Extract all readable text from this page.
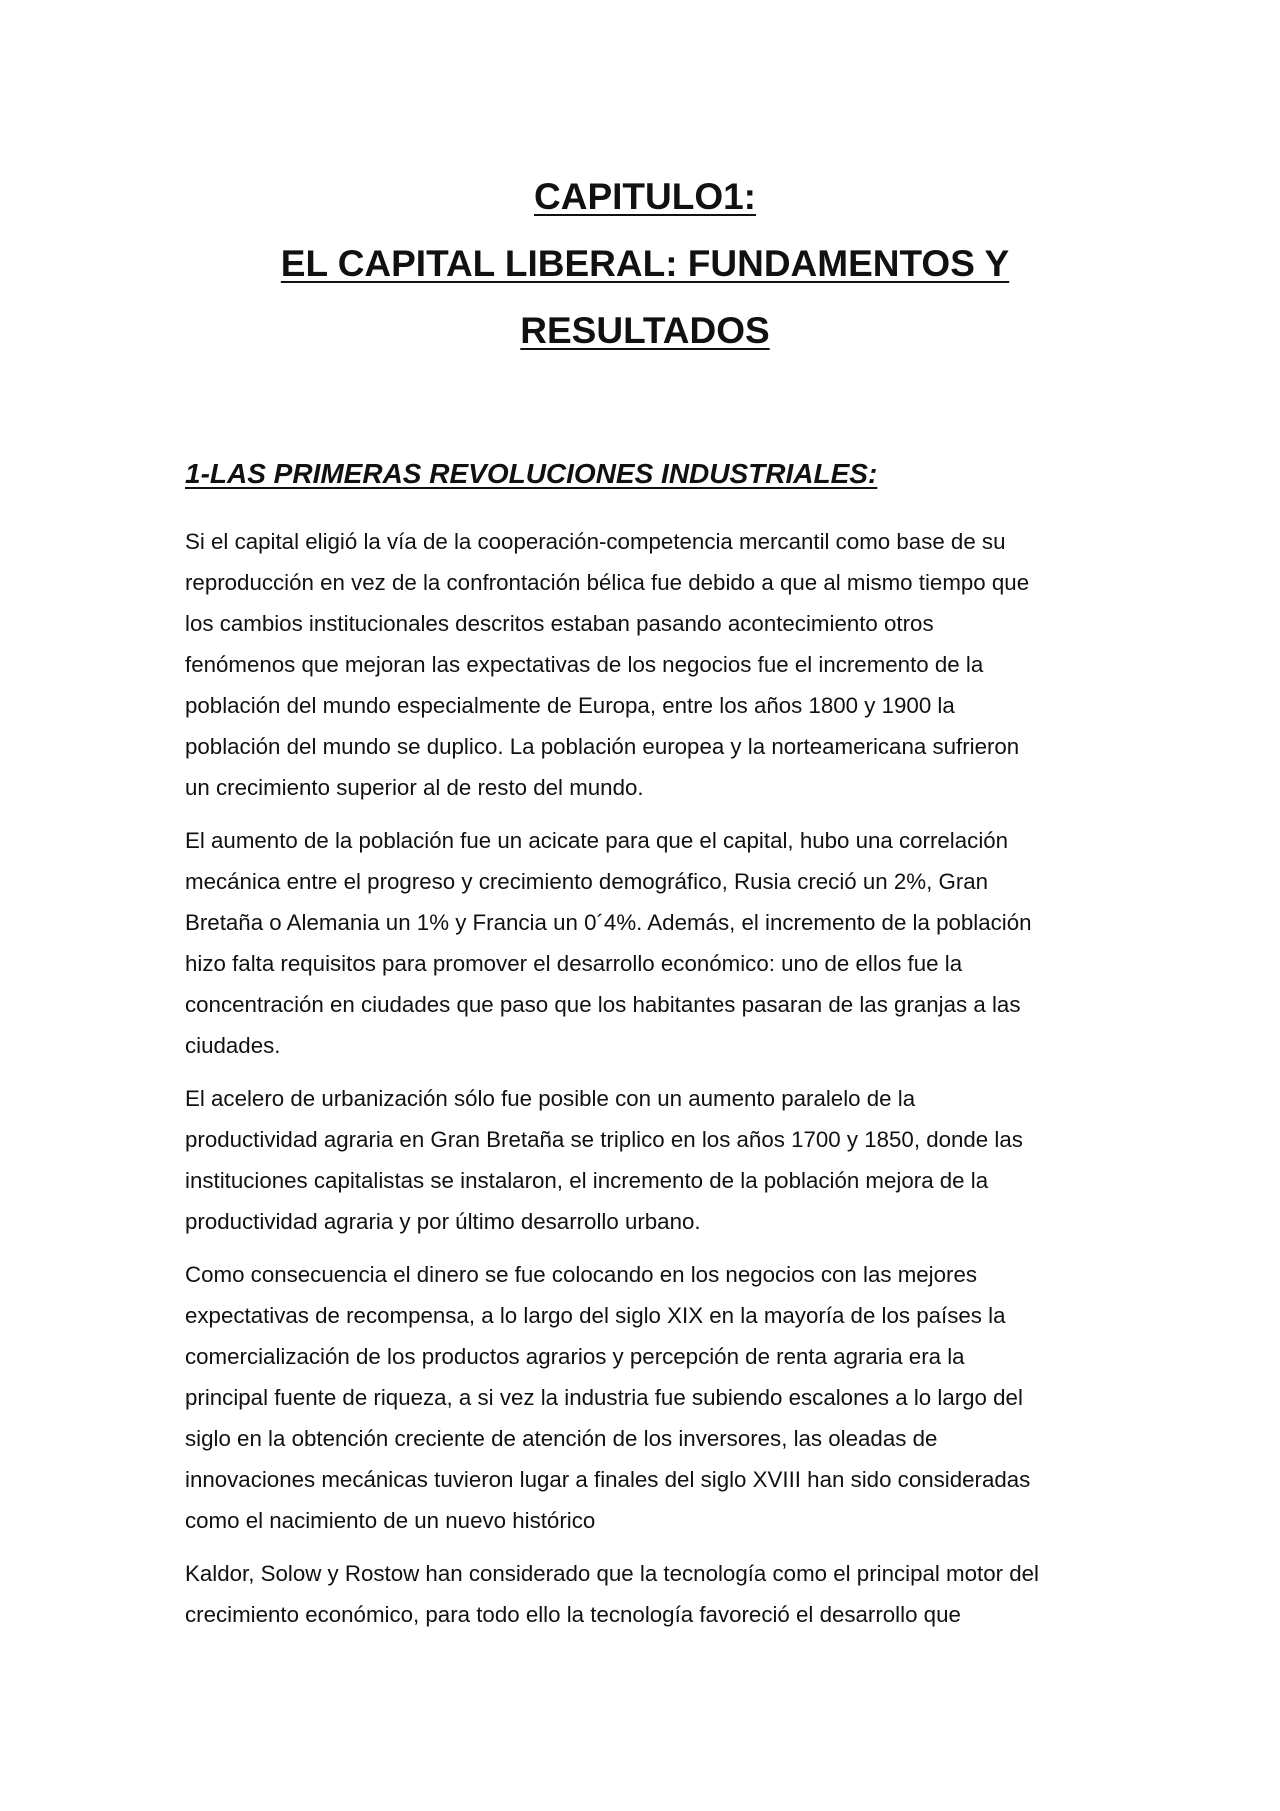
CAPITULO1:
EL CAPITAL LIBERAL: FUNDAMENTOS Y
RESULTADOS
1-LAS PRIMERAS REVOLUCIONES INDUSTRIALES:

Si el capital eligió la vía de la cooperación-competencia mercantil como base de su
reproducción en vez de la confrontación bélica fue debido a que al mismo tiempo que
los cambios institucionales descritos estaban pasando acontecimiento otros
fenómenos que mejoran las expectativas de los negocios fue el incremento de la
población del mundo especialmente de Europa, entre los años 1800 y 1900 la
población del mundo se duplico. La población europea y la norteamericana sufrieron
un crecimiento superior al de resto del mundo.

El aumento de la población fue un acicate para que el capital, hubo una correlación
mecánica entre el progreso y crecimiento demográfico, Rusia creció un 2%, Gran
Bretaña o Alemania un 1% y Francia un 0´4%. Además, el incremento de la población
hizo falta requisitos para promover el desarrollo económico: uno de ellos fue la
concentración en ciudades que paso que los habitantes pasaran de las granjas a las
ciudades.

El acelero de urbanización sólo fue posible con un aumento paralelo de la
productividad agraria en Gran Bretaña se triplico en los años 1700 y 1850, donde las
instituciones capitalistas se instalaron, el incremento de la población mejora de la
productividad agraria y por último desarrollo urbano.

Como consecuencia el dinero se fue colocando en los negocios con las mejores
expectativas de recompensa, a lo largo del siglo XIX en la mayoría de los países la
comercialización de los productos agrarios y percepción de renta agraria era la
principal fuente de riqueza, a si vez la industria fue subiendo escalones a lo largo del
siglo en la obtención creciente de atención de los inversores, las oleadas de
innovaciones mecánicas tuvieron lugar a finales del siglo XVIII han sido consideradas
como el nacimiento de un nuevo histórico

Kaldor, Solow y Rostow han considerado que la tecnología como el principal motor del
crecimiento económico, para todo ello la tecnología favoreció el desarrollo que
